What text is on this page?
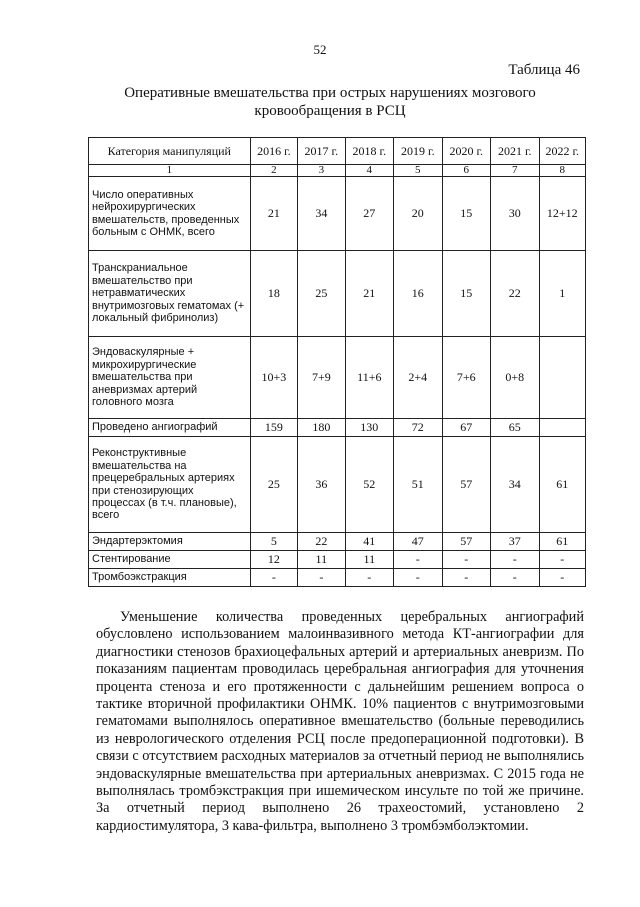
52
Таблица 46
Оперативные вмешательства при острых нарушениях мозгового кровообращения в РСЦ
Категория манипуляций	2016 г.	2017 г.	2018 г.	2019 г.	2020 г.	2021 г.	2022 г.
1	2	3	4	5	6	7	8
Число оперативных нейрохирургических вмешательств, проведенных больным с ОНМК, всего	21	34	27	20	15	30	12+12
Транскраниальное вмешательство при нетравматических внутримозговых гематомах (+ локальный фибринолиз)	18	25	21	16	15	22	1
Эндоваскулярные + микрохирургические вмешательства при аневризмах артерий головного мозга	10+3	7+9	11+6	2+4	7+6	0+8	
Проведено ангиографий	159	180	130	72	67	65	
Реконструктивные вмешательства на прецеребральных артериях при стенозирующих процессах (в т.ч. плановые), всего	25	36	52	51	57	34	61
Эндартерэктомия	5	22	41	47	57	37	61
Стентирование	12	11	11	-	-	-	-
Тромбоэкстракция	-	-	-	-	-	-	-

Уменьшение количества проведенных церебральных ангиографий обусловлено использованием малоинвазивного метода КТ-ангиографии для диагностики стенозов брахиоцефальных артерий и артериальных аневризм. По показаниям пациентам проводилась церебральная ангиография для уточнения процента стеноза и его протяженности с дальнейшим решением вопроса о тактике вторичной профилактики ОНМК. 10% пациентов с внутримозговыми гематомами выполнялось оперативное вмешательство (больные переводились из неврологического отделения РСЦ после предоперационной подготовки). В связи с отсутствием расходных материалов за отчетный период не выполнялись эндоваскулярные вмешательства при артериальных аневризмах. С 2015 года не выполнялась тромбэкстракция при ишемическом инсульте по той же причине. За отчетный период выполнено 26 трахеостомий, установлено 2 кардиостимулятора, 3 кава-фильтра, выполнено 3 тромбэмболэктомии.
